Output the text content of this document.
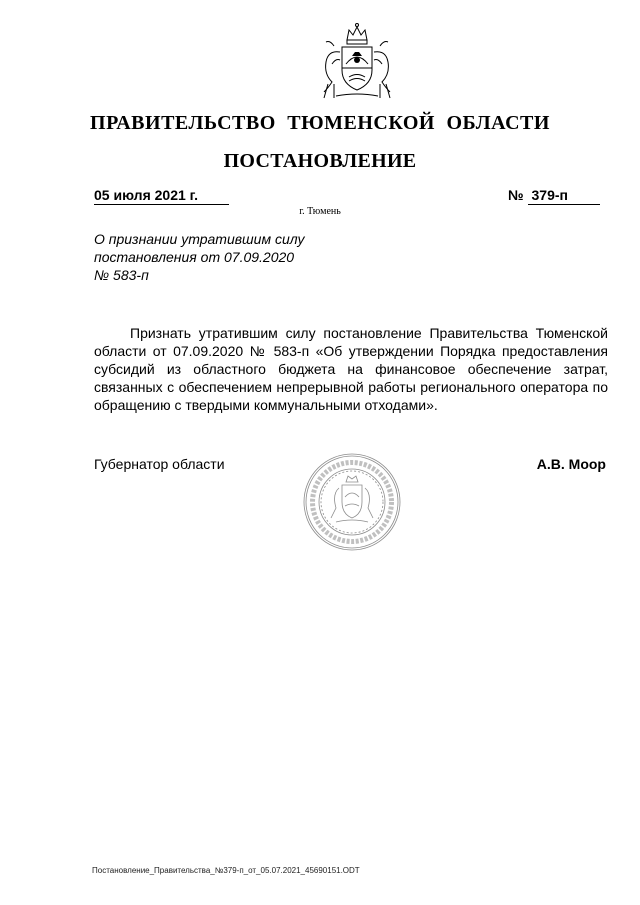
ПРАВИТЕЛЬСТВО ТЮМЕНСКОЙ ОБЛАСТИ
ПОСТАНОВЛЕНИЕ
05 июля 2021 г.	№ 379-п

г. Тюмень

О признании утратившим силу
постановления от 07.09.2020
№ 583-п

Признать утратившим силу постановление Правительства Тюменской
области от 07.09.2020 № 583-п «Об утверждении Порядка предоставления
субсидий из областного бюджета на финансовое обеспечение затрат,
связанных с обеспечением непрерывной работы регионального оператора по
обращению с твердыми коммунальными отходами».

Губернатор области	А.В. Моор

Постановление_Правительства_№379-п_от_05.07.2021_45690151.ODT
